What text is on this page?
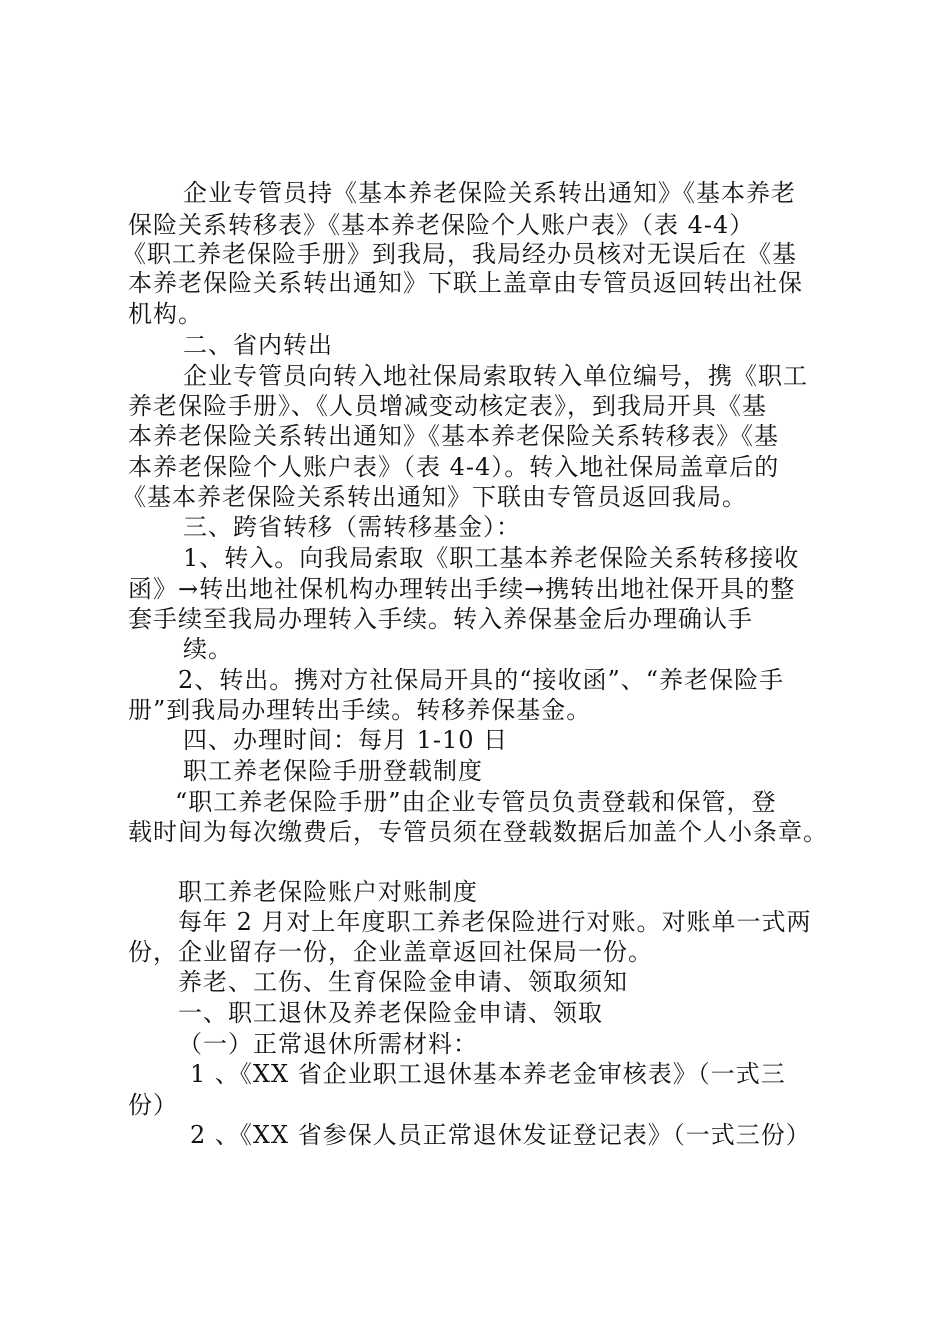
企业专管员持《基本养老保险关系转出通知》《基本养老
保险关系转移表》《基本养老保险个人账户表》（表 4-4）
《职工养老保险手册》到我局，我局经办员核对无误后在《基
本养老保险关系转出通知》下联上盖章由专管员返回转出社保
机构。
二、省内转出
企业专管员向转入地社保局索取转入单位编号，携《职工
养老保险手册》、《人员增减变动核定表》，到我局开具《基
本养老保险关系转出通知》《基本养老保险关系转移表》《基
本养老保险个人账户表》（表 4-4）。转入地社保局盖章后的
《基本养老保险关系转出通知》下联由专管员返回我局。
三、跨省转移（需转移基金）：
1、转入。向我局索取《职工基本养老保险关系转移接收
函》→转出地社保机构办理转出手续→携转出地社保开具的整
套手续至我局办理转入手续。转入养保基金后办理确认手
续。
2、转出。携对方社保局开具的“接收函”、“养老保险手
册”到我局办理转出手续。转移养保基金。
四、办理时间：每月 1-10 日
职工养老保险手册登载制度
“职工养老保险手册”由企业专管员负责登载和保管，登
载时间为每次缴费后，专管员须在登载数据后加盖个人小条章。
职工养老保险账户对账制度
每年 2 月对上年度职工养老保险进行对账。对账单一式两
份，企业留存一份，企业盖章返回社保局一份。
养老、工伤、生育保险金申请、领取须知
一、职工退休及养老保险金申请、领取
（一）正常退休所需材料：
1 、《XX 省企业职工退休基本养老金审核表》（一式三
份）
2 、《XX 省参保人员正常退休发证登记表》（一式三份）
